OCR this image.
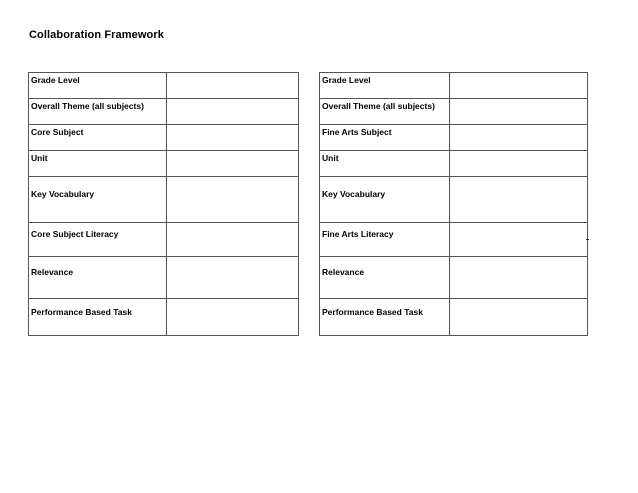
Collaboration Framework
Grade Level	
Overall Theme (all subjects)	
Core Subject	
Unit	
Key Vocabulary	
Core Subject Literacy	
Relevance	
Performance Based Task	
Grade Level	
Overall Theme (all subjects)	
Fine Arts Subject	
Unit	
Key Vocabulary	
Fine Arts Literacy	
Relevance	
Performance Based Task	
